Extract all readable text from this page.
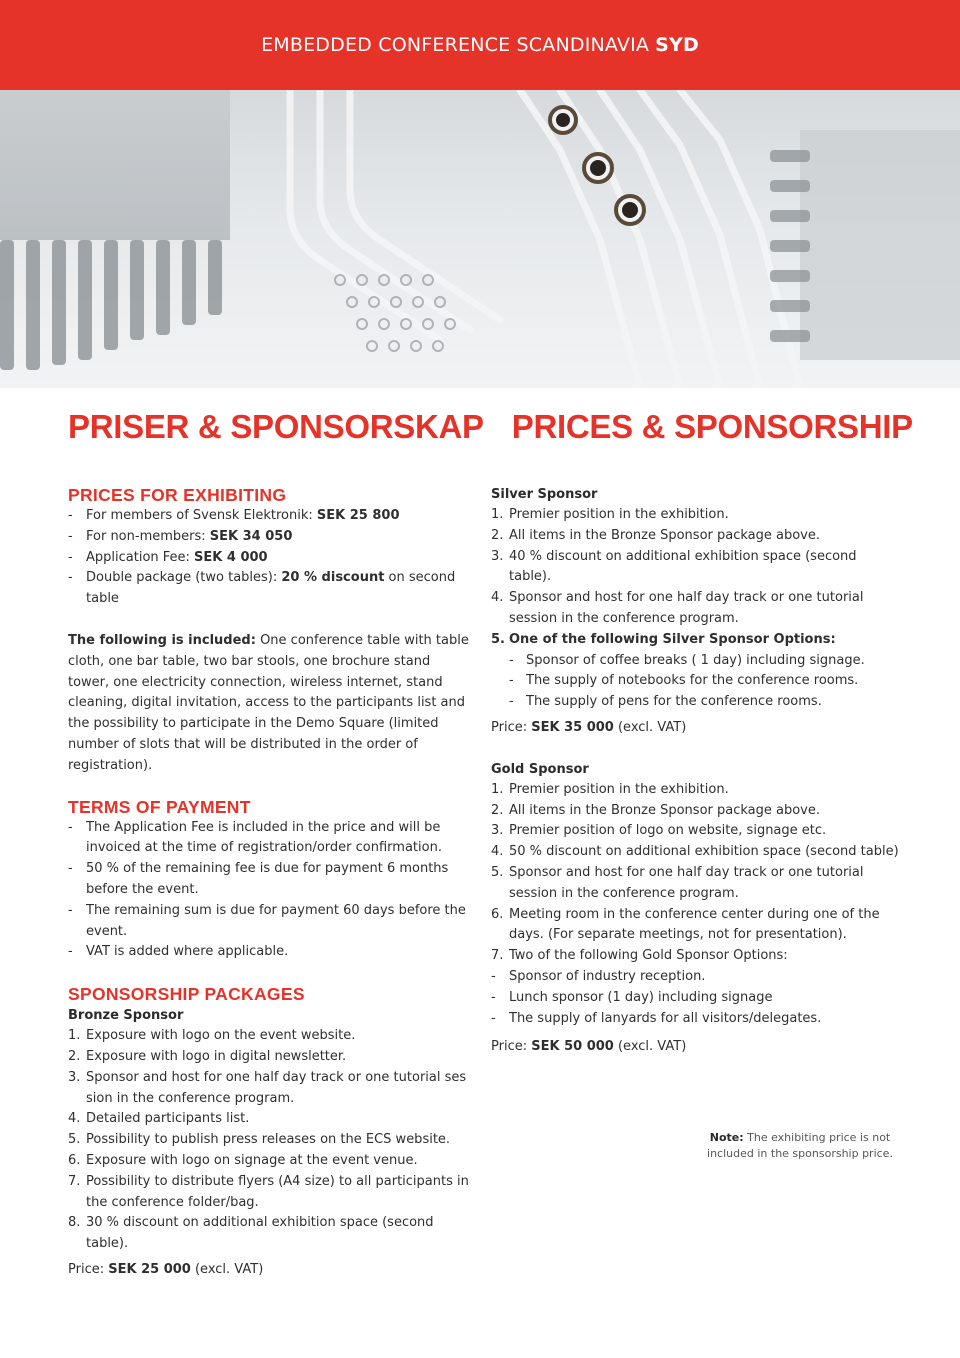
EMBEDDED CONFERENCE SCANDINAVIA SYD
PRISER & SPONSORSKAP PRICES & SPONSORSHIP
PRICES FOR EXHIBITING
- For members of Svensk Elektronik: SEK 25 800
- For non-members: SEK 34 050
- Application Fee: SEK 4 000
- Double package (two tables): 20 % discount on second table

The following is included: One conference table with table cloth, one bar table, two bar stools, one brochure stand tower, one electricity connection, wireless internet, stand cleaning, digital invitation, access to the participants list and the possibility to participate in the Demo Square (limited number of slots that will be distributed in the order of registration).

TERMS OF PAYMENT
- The Application Fee is included in the price and will be invoiced at the time of registration/order confirmation.
- 50 % of the remaining fee is due for payment 6 months before the event.
- The remaining sum is due for payment 60 days before the event.
- VAT is added where applicable.
SPONSORSHIP PACKAGES
Bronze Sponsor
1. Exposure with logo on the event website.
2. Exposure with logo in digital newsletter.
3. Sponsor and host for one half day track or one tutorial ses sion in the conference program.
4. Detailed participants list.
5. Possibility to publish press releases on the ECS website.
6. Exposure with logo on signage at the event venue.
7. Possibility to distribute flyers (A4 size) to all participants in the conference folder/bag.
8. 30 % discount on additional exhibition space (second table).

Price: SEK 25 000 (excl. VAT)

Silver Sponsor
1. Premier position in the exhibition.
2. All items in the Bronze Sponsor package above.
3. 40 % discount on additional exhibition space (second table).
4. Sponsor and host for one half day track or one tutorial session in the conference program.
5. One of the following Silver Sponsor Options:
- Sponsor of coffee breaks ( 1 day) including signage.
- The supply of notebooks for the conference rooms.
- The supply of pens for the conference rooms.

Price: SEK 35 000 (excl. VAT)

Gold Sponsor
1. Premier position in the exhibition.
2. All items in the Bronze Sponsor package above.
3. Premier position of logo on website, signage etc.
4. 50 % discount on additional exhibition space (second table)
5. Sponsor and host for one half day track or one tutorial session in the conference program.
6. Meeting room in the conference center during one of the days. (For separate meetings, not for presentation).
7. Two of the following Gold Sponsor Options:
- Sponsor of industry reception.
- Lunch sponsor (1 day) including signage
- The supply of lanyards for all visitors/delegates.

Price: SEK 50 000 (excl. VAT)

Note: The exhibiting price is not included in the sponsorship price.
